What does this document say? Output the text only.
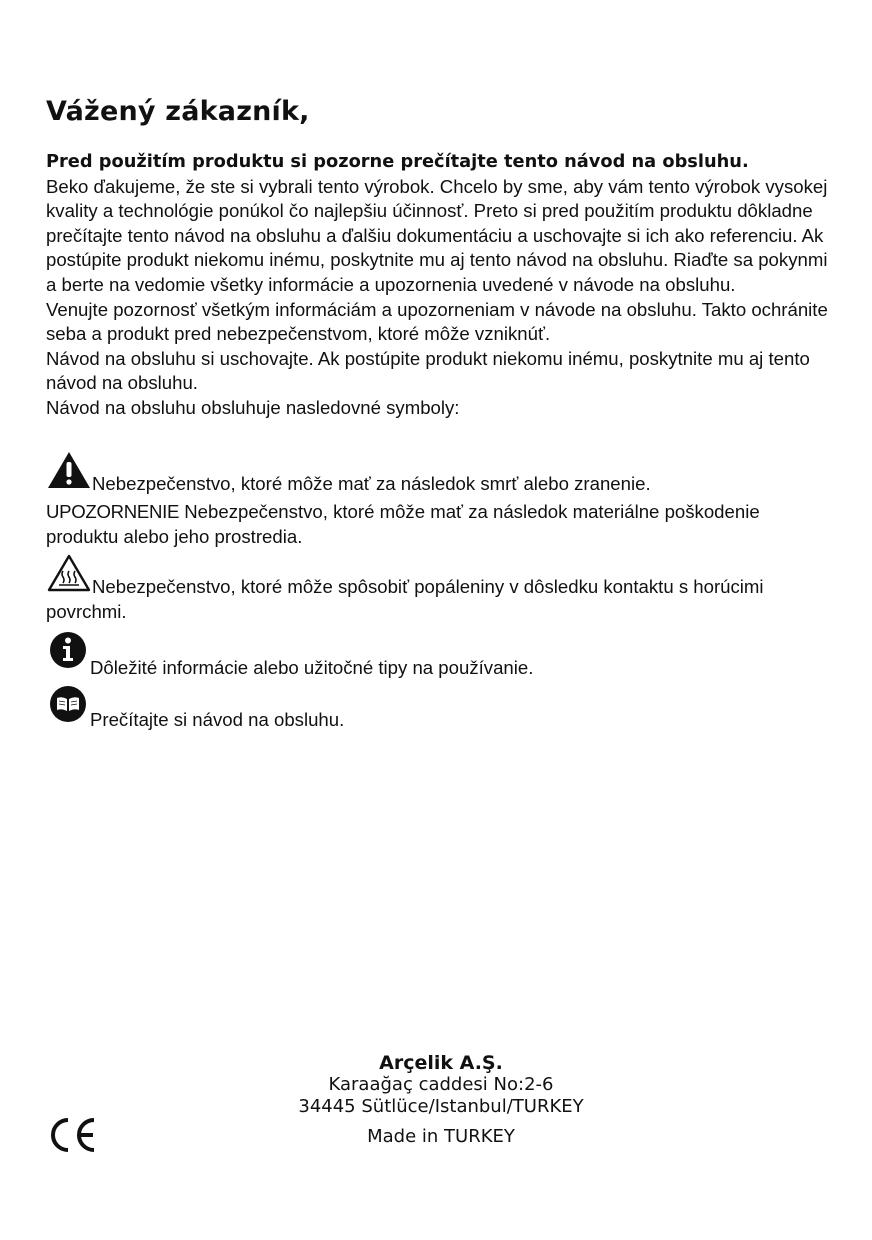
Vážený zákazník,

Pred použitím produktu si pozorne prečítajte tento návod na obsluhu.

Beko ďakujeme, že ste si vybrali tento výrobok. Chcelo by sme, aby vám tento výrobok vysokej kvality a technológie ponúkol čo najlepšiu účinnosť. Preto si pred použitím produktu dôkladne prečítajte tento návod na obsluhu a ďalšiu dokumentáciu a uschovajte si ich ako referenciu. Ak postúpite produkt niekomu inému, poskytnite mu aj tento návod na obsluhu. Riaďte sa pokynmi a berte na vedomie všetky informácie a upozornenia uvedené v návode na obsluhu.

Venujte pozornosť všetkým informáciám a upozorneniam v návode na obsluhu. Takto ochránite seba a produkt pred nebezpečenstvom, ktoré môže vzniknúť.

Návod na obsluhu si uschovajte. Ak postúpite produkt niekomu inému, poskytnite mu aj tento návod na obsluhu.

Návod na obsluhu obsluhuje nasledovné symboly:

Nebezpečenstvo, ktoré môže mať za následok smrť alebo zranenie.
UPOZORNENIE Nebezpečenstvo, ktoré môže mať za následok materiálne poškodenie produktu alebo jeho prostredia.
Nebezpečenstvo, ktoré môže spôsobiť popáleniny v dôsledku kontaktu s horúcimi povrchmi.
Dôležité informácie alebo užitočné tipy na používanie.
Prečítajte si návod na obsluhu.
Arçelik A.Ş.
Karaağaç caddesi No:2-6
34445 Sütlüce/Istanbul/TURKEY
Made in TURKEY
